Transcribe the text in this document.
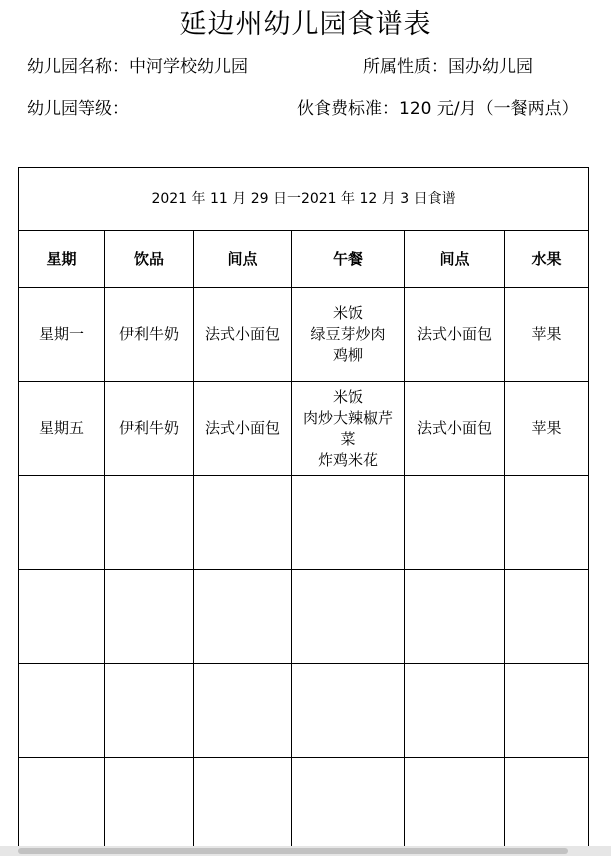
延边州幼儿园食谱表
幼儿园名称：中河学校幼儿园	所属性质：国办幼儿园
幼儿园等级：	伙食费标准：120 元/月（一餐两点）
2021 年 11 月 29 日一2021 年 12 月 3 日食谱					
星期	饮品	间点	午餐	间点	水果
星期一	伊利牛奶	法式小面包	米饭
绿豆芽炒肉
鸡柳	法式小面包	苹果
星期五	伊利牛奶	法式小面包	米饭
肉炒大辣椒芹
菜
炸鸡米花	法式小面包	苹果
